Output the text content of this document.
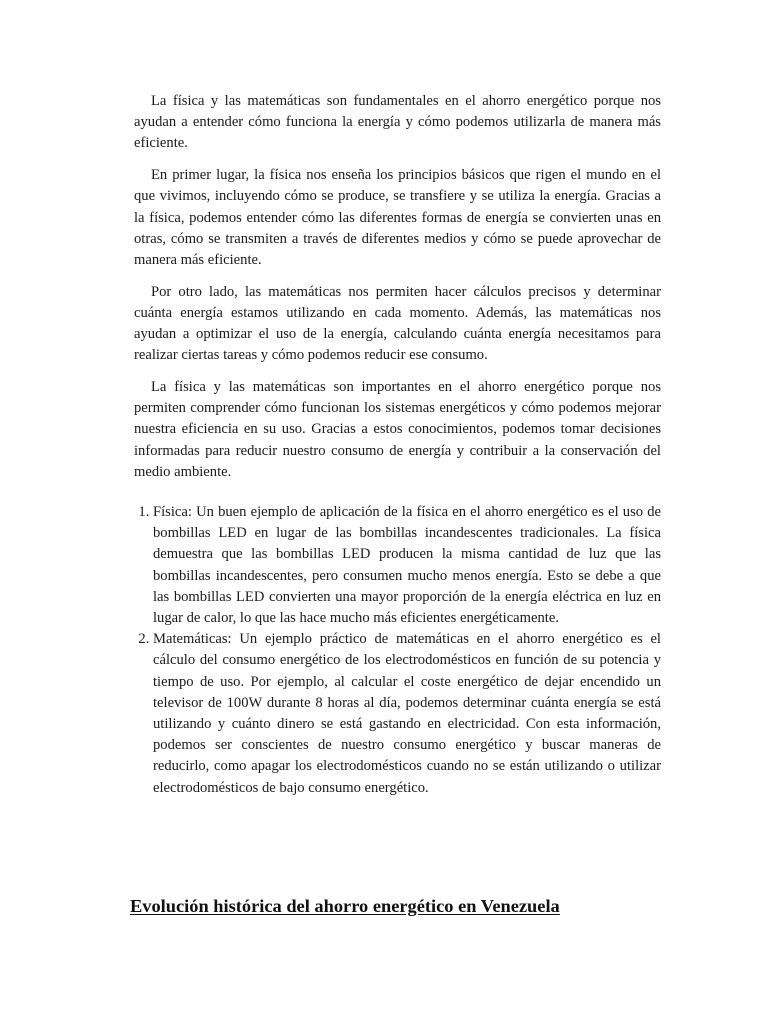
La física y las matemáticas son fundamentales en el ahorro energético porque nos ayudan a entender cómo funciona la energía y cómo podemos utilizarla de manera más eficiente.

En primer lugar, la física nos enseña los principios básicos que rigen el mundo en el que vivimos, incluyendo cómo se produce, se transfiere y se utiliza la energía. Gracias a la física, podemos entender cómo las diferentes formas de energía se convierten unas en otras, cómo se transmiten a través de diferentes medios y cómo se puede aprovechar de manera más eficiente.

Por otro lado, las matemáticas nos permiten hacer cálculos precisos y determinar cuánta energía estamos utilizando en cada momento. Además, las matemáticas nos ayudan a optimizar el uso de la energía, calculando cuánta energía necesitamos para realizar ciertas tareas y cómo podemos reducir ese consumo.

La física y las matemáticas son importantes en el ahorro energético porque nos permiten comprender cómo funcionan los sistemas energéticos y cómo podemos mejorar nuestra eficiencia en su uso. Gracias a estos conocimientos, podemos tomar decisiones informadas para reducir nuestro consumo de energía y contribuir a la conservación del medio ambiente.

1. Física: Un buen ejemplo de aplicación de la física en el ahorro energético es el uso de bombillas LED en lugar de las bombillas incandescentes tradicionales. La física demuestra que las bombillas LED producen la misma cantidad de luz que las bombillas incandescentes, pero consumen mucho menos energía. Esto se debe a que las bombillas LED convierten una mayor proporción de la energía eléctrica en luz en lugar de calor, lo que las hace mucho más eficientes energéticamente.
2. Matemáticas: Un ejemplo práctico de matemáticas en el ahorro energético es el cálculo del consumo energético de los electrodomésticos en función de su potencia y tiempo de uso. Por ejemplo, al calcular el coste energético de dejar encendido un televisor de 100W durante 8 horas al día, podemos determinar cuánta energía se está utilizando y cuánto dinero se está gastando en electricidad. Con esta información, podemos ser conscientes de nuestro consumo energético y buscar maneras de reducirlo, como apagar los electrodomésticos cuando no se están utilizando o utilizar electrodomésticos de bajo consumo energético.
Evolución histórica del ahorro energético en Venezuela
